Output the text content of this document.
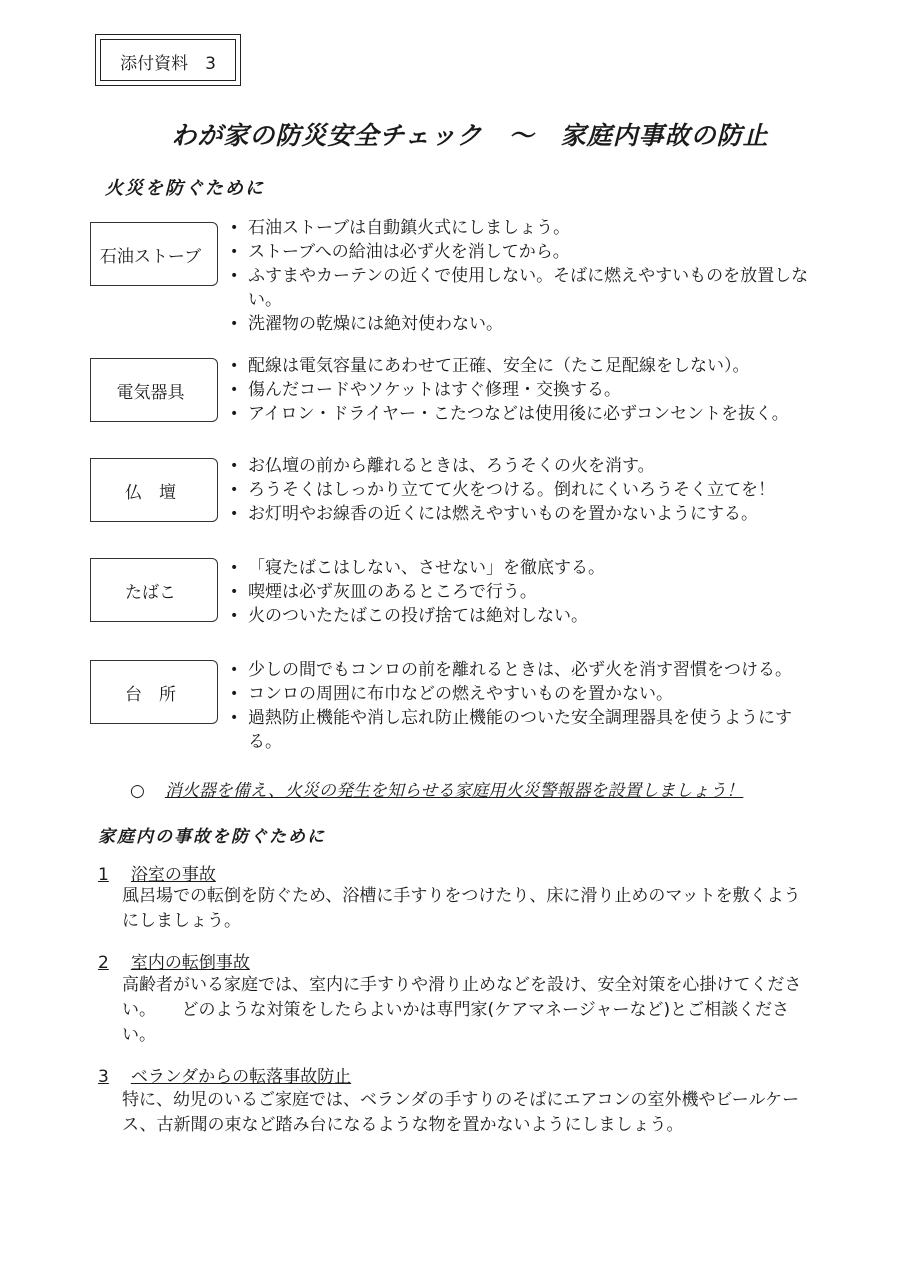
添付資料　3
わが家の防災安全チェック　〜　家庭内事故の防止
火災を防ぐために
石油ストーブ
• 石油ストーブは自動鎮火式にしましょう。
• ストーブへの給油は必ず火を消してから。
• ふすまやカーテンの近くで使用しない。そばに燃えやすいものを放置しない。
• 洗濯物の乾燥には絶対使わない。
電気器具
• 配線は電気容量にあわせて正確、安全に（たこ足配線をしない）。
• 傷んだコードやソケットはすぐ修理・交換する。
• アイロン・ドライヤー・こたつなどは使用後に必ずコンセントを抜く。
仏　壇
• お仏壇の前から離れるときは、ろうそくの火を消す。
• ろうそくはしっかり立てて火をつける。倒れにくいろうそく立てを！
• お灯明やお線香の近くには燃えやすいものを置かないようにする。
たばこ
• 「寝たばこはしない、させない」を徹底する。
• 喫煙は必ず灰皿のあるところで行う。
• 火のついたたばこの投げ捨ては絶対しない。
台　所
• 少しの間でもコンロの前を離れるときは、必ず火を消す習慣をつける。
• コンロの周囲に布巾などの燃えやすいものを置かない。
• 過熱防止機能や消し忘れ防止機能のついた安全調理器具を使うようにする。
○ 消火器を備え、火災の発生を知らせる家庭用火災警報器を設置しましょう！
家庭内の事故を防ぐために
1 浴室の事故
風呂場での転倒を防ぐため、浴槽に手すりをつけたり、床に滑り止めのマットを敷くようにしましょう。
2 室内の転倒事故
高齢者がいる家庭では、室内に手すりや滑り止めなどを設け、安全対策を心掛けてください。　　どのような対策をしたらよいかは専門家(ケアマネージャーなど)とご相談ください。
3 ベランダからの転落事故防止
特に、幼児のいるご家庭では、ベランダの手すりのそばにエアコンの室外機やビールケース、古新聞の束など踏み台になるような物を置かないようにしましょう。
